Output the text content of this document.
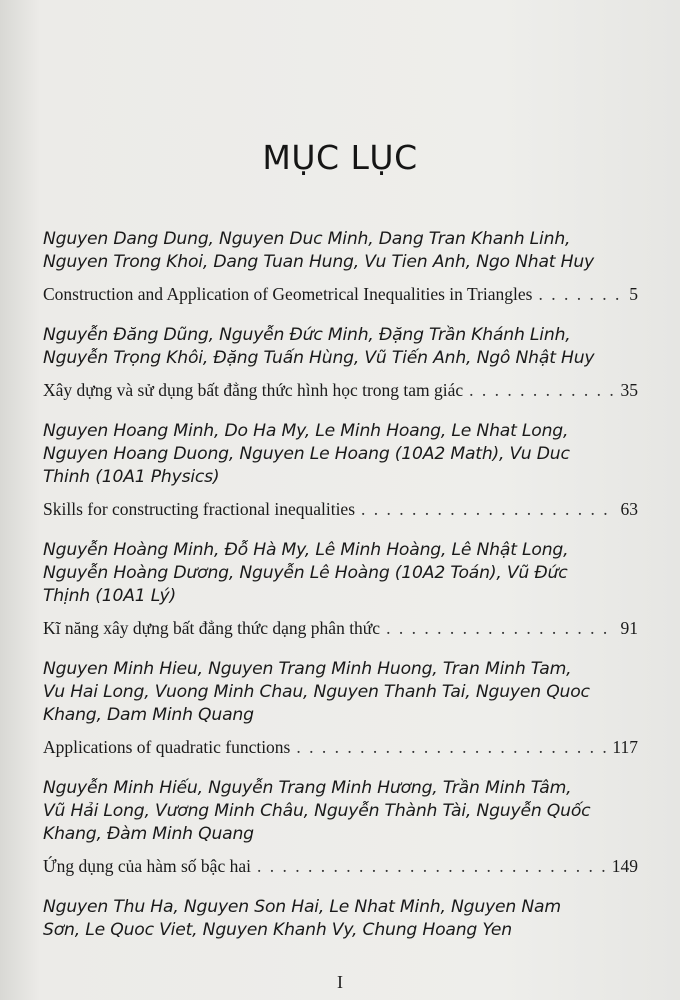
MỤC LỤC
Nguyen Dang Dung, Nguyen Duc Minh, Dang Tran Khanh Linh, Nguyen Trong Khoi, Dang Tuan Hung, Vu Tien Anh, Ngo Nhat Huy
Construction and Application of Geometrical Inequalities in Triangles . . .	5
Nguyễn Đăng Dũng, Nguyễn Đức Minh, Đặng Trần Khánh Linh, Nguyễn Trọng Khôi, Đặng Tuấn Hùng, Vũ Tiến Anh, Ngô Nhật Huy
Xây dựng và sử dụng bất đẳng thức hình học trong tam giác . . .	35
Nguyen Hoang Minh, Do Ha My, Le Minh Hoang, Le Nhat Long, Nguyen Hoang Duong, Nguyen Le Hoang (10A2 Math), Vu Duc Thinh (10A1 Physics)
Skills for constructing fractional inequalities . . .	63
Nguyễn Hoàng Minh, Đỗ Hà My, Lê Minh Hoàng, Lê Nhật Long, Nguyễn Hoàng Dương, Nguyễn Lê Hoàng (10A2 Toán), Vũ Đức Thịnh (10A1 Lý)
Kĩ năng xây dựng bất đẳng thức dạng phân thức . . .	91
Nguyen Minh Hieu, Nguyen Trang Minh Huong, Tran Minh Tam, Vu Hai Long, Vuong Minh Chau, Nguyen Thanh Tai, Nguyen Quoc Khang, Dam Minh Quang
Applications of quadratic functions . . .	117
Nguyễn Minh Hiếu, Nguyễn Trang Minh Hương, Trần Minh Tâm, Vũ Hải Long, Vương Minh Châu, Nguyễn Thành Tài, Nguyễn Quốc Khang, Đàm Minh Quang
Ứng dụng của hàm số bậc hai . . .	149
Nguyen Thu Ha, Nguyen Son Hai, Le Nhat Minh, Nguyen Nam Sơn, Le Quoc Viet, Nguyen Khanh Vy, Chung Hoang Yen
I
